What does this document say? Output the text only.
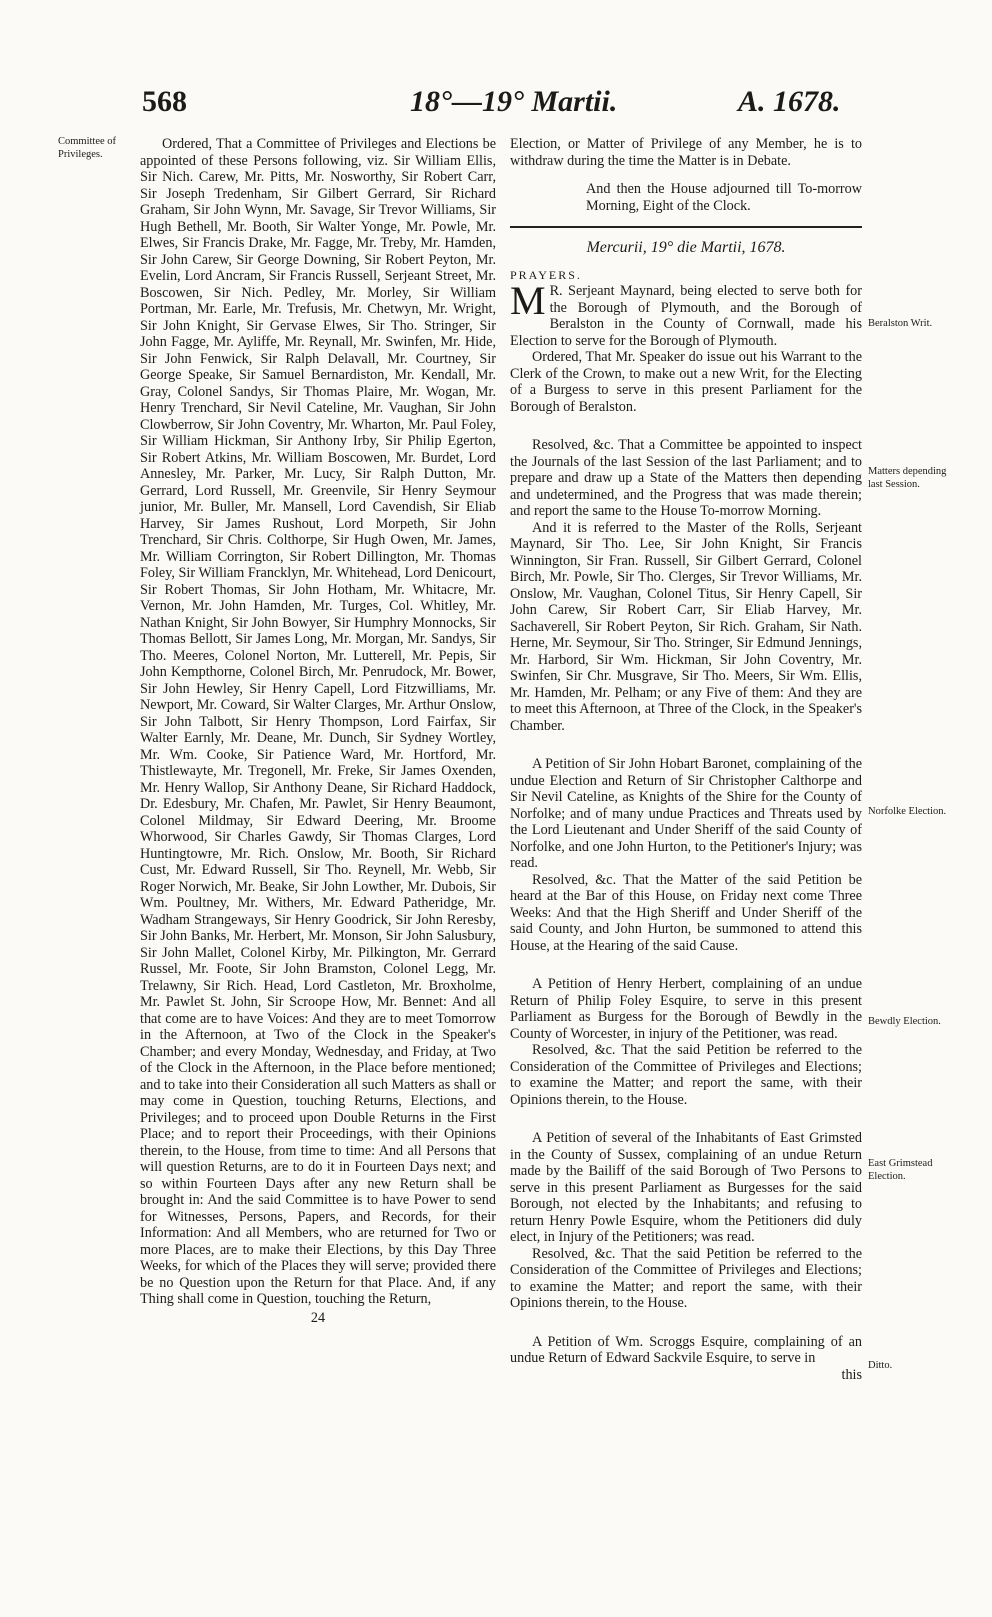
568	18°—19° Martii.	A. 1678.
Committee of Privileges.

Ordered, That a Committee of Privileges and Elections be appointed of these Persons following, viz. Sir William Ellis, Sir Nich. Carew, Mr. Pitts, Mr. Nosworthy, Sir Robert Carr, Sir Joseph Tredenham, Sir Gilbert Gerrard, Sir Richard Graham, Sir John Wynn, Mr. Savage, Sir Trevor Williams, Sir Hugh Bethell, Mr. Booth, Sir Walter Yonge, Mr. Powle, Mr. Elwes, Sir Francis Drake, Mr. Fagge, Mr. Treby, Mr. Hamden, Sir John Carew, Sir George Downing, Sir Robert Peyton, Mr. Evelin, Lord Ancram, Sir Francis Russell, Serjeant Street, Mr. Boscowen, Sir Nich. Pedley, Mr. Morley, Sir William Portman, Mr. Earle, Mr. Trefusis, Mr. Chetwyn, Mr. Wright, Sir John Knight, Sir Gervase Elwes, Sir Tho. Stringer, Sir John Fagge, Mr. Ayliffe, Mr. Reynall, Mr. Swinfen, Mr. Hide, Sir John Fenwick, Sir Ralph Delavall, Mr. Courtney, Sir George Speake, Sir Samuel Bernardiston, Mr. Kendall, Mr. Gray, Colonel Sandys, Sir Thomas Plaire, Mr. Wogan, Mr. Henry Trenchard, Sir Nevil Cateline, Mr. Vaughan, Sir John Clowberrow, Sir John Coventry, Mr. Wharton, Mr. Paul Foley, Sir William Hickman, Sir Anthony Irby, Sir Philip Egerton, Sir Robert Atkins, Mr. William Boscowen, Mr. Burdet, Lord Annesley, Mr. Parker, Mr. Lucy, Sir Ralph Dutton, Mr. Gerrard, Lord Russell, Mr. Greenvile, Sir Henry Seymour junior, Mr. Buller, Mr. Mansell, Lord Cavendish, Sir Eliab Harvey, Sir James Rushout, Lord Morpeth, Sir John Trenchard, Sir Chris. Colthorpe, Sir Hugh Owen, Mr. James, Mr. William Corrington, Sir Robert Dillington, Mr. Thomas Foley, Sir William Francklyn, Mr. Whitehead, Lord Denicourt, Sir Robert Thomas, Sir John Hotham, Mr. Whitacre, Mr. Vernon, Mr. John Hamden, Mr. Turges, Col. Whitley, Mr. Nathan Knight, Sir John Bowyer, Sir Humphry Monnocks, Sir Thomas Bellott, Sir James Long, Mr. Morgan, Mr. Sandys, Sir Tho. Meeres, Colonel Norton, Mr. Lutterell, Mr. Pepis, Sir John Kempthorne, Colonel Birch, Mr. Penrudock, Mr. Bower, Sir John Hewley, Sir Henry Capell, Lord Fitzwilliams, Mr. Newport, Mr. Coward, Sir Walter Clarges, Mr. Arthur Onslow, Sir John Talbott, Sir Henry Thompson, Lord Fairfax, Sir Walter Earnly, Mr. Deane, Mr. Dunch, Sir Sydney Wortley, Mr. Wm. Cooke, Sir Patience Ward, Mr. Hortford, Mr. Thistlewayte, Mr. Tregonell, Mr. Freke, Sir James Oxenden, Mr. Henry Wallop, Sir Anthony Deane, Sir Richard Haddock, Dr. Edesbury, Mr. Chafen, Mr. Pawlet, Sir Henry Beaumont, Colonel Mildmay, Sir Edward Deering, Mr. Broome Whorwood, Sir Charles Gawdy, Sir Thomas Clarges, Lord Huntingtowre, Mr. Rich. Onslow, Mr. Booth, Sir Richard Cust, Mr. Edward Russell, Sir Tho. Reynell, Mr. Webb, Sir Roger Norwich, Mr. Beake, Sir John Lowther, Mr. Dubois, Sir Wm. Poultney, Mr. Withers, Mr. Edward Patheridge, Mr. Wadham Strangeways, Sir Henry Goodrick, Sir John Reresby, Sir John Banks, Mr. Herbert, Mr. Monson, Sir John Salusbury, Sir John Mallet, Colonel Kirby, Mr. Pilkington, Mr. Gerrard Russel, Mr. Foote, Sir John Bramston, Colonel Legg, Mr. Trelawny, Sir Rich. Head, Lord Castleton, Mr. Broxholme, Mr. Pawlet St. John, Sir Scroope How, Mr. Bennet: And all that come are to have Voices: And they are to meet Tomorrow in the Afternoon, at Two of the Clock in the Speaker's Chamber; and every Monday, Wednesday, and Friday, at Two of the Clock in the Afternoon, in the Place before mentioned; and to take into their Consideration all such Matters as shall or may come in Question, touching Returns, Elections, and Privileges; and to proceed upon Double Returns in the First Place; and to report their Proceedings, with their Opinions therein, to the House, from time to time: And all Persons that will question Returns, are to do it in Fourteen Days next; and so within Fourteen Days after any new Return shall be brought in: And the said Committee is to have Power to send for Witnesses, Persons, Papers, and Records, for their Information: And all Members, who are returned for Two or more Places, are to make their Elections, by this Day Three Weeks, for which of the Places they will serve; provided there be no Question upon the Return for that Place. And, if any Thing shall come in Question, touching the Return,

24

Election, or Matter of Privilege of any Member, he is to withdraw during the time the Matter is in Debate.

And then the House adjourned till To-morrow Morning, Eight of the Clock.

Mercurii, 19° die Martii, 1678.
PRAYERS.

M R. Serjeant Maynard, being elected to serve both for the Borough of Plymouth, and the Borough of Beralston in the County of Cornwall, made his Election to serve for the Borough of Plymouth.

Ordered, That Mr. Speaker do issue out his Warrant to the Clerk of the Crown, to make out a new Writ, for the Electing of a Burgess to serve in this present Parliament for the Borough of Beralston.

Resolved, &c. That a Committee be appointed to inspect the Journals of the last Session of the last Parliament; and to prepare and draw up a State of the Matters then depending and undetermined, and the Progress that was made therein; and report the same to the House To-morrow Morning.

And it is referred to the Master of the Rolls, Serjeant Maynard, Sir Tho. Lee, Sir John Knight, Sir Francis Winnington, Sir Fran. Russell, Sir Gilbert Gerrard, Colonel Birch, Mr. Powle, Sir Tho. Clerges, Sir Trevor Williams, Mr. Onslow, Mr. Vaughan, Colonel Titus, Sir Henry Capell, Sir John Carew, Sir Robert Carr, Sir Eliab Harvey, Mr. Sachaverell, Sir Robert Peyton, Sir Rich. Graham, Sir Nath. Herne, Mr. Seymour, Sir Tho. Stringer, Sir Edmund Jennings, Mr. Harbord, Sir Wm. Hickman, Sir John Coventry, Mr. Swinfen, Sir Chr. Musgrave, Sir Tho. Meers, Sir Wm. Ellis, Mr. Hamden, Mr. Pelham; or any Five of them: And they are to meet this Afternoon, at Three of the Clock, in the Speaker's Chamber.

A Petition of Sir John Hobart Baronet, complaining of the undue Election and Return of Sir Christopher Calthorpe and Sir Nevil Cateline, as Knights of the Shire for the County of Norfolke; and of many undue Practices and Threats used by the Lord Lieutenant and Under Sheriff of the said County of Norfolke, and one John Hurton, to the Petitioner's Injury; was read.

Resolved, &c. That the Matter of the said Petition be heard at the Bar of this House, on Friday next come Three Weeks: And that the High Sheriff and Under Sheriff of the said County, and John Hurton, be summoned to attend this House, at the Hearing of the said Cause.

A Petition of Henry Herbert, complaining of an undue Return of Philip Foley Esquire, to serve in this present Parliament as Burgess for the Borough of Bewdly in the County of Worcester, in injury of the Petitioner, was read.

Resolved, &c. That the said Petition be referred to the Consideration of the Committee of Privileges and Elections; to examine the Matter; and report the same, with their Opinions therein, to the House.

A Petition of several of the Inhabitants of East Grimsted in the County of Sussex, complaining of an undue Return made by the Bailiff of the said Borough of Two Persons to serve in this present Parliament as Burgesses for the said Borough, not elected by the Inhabitants; and refusing to return Henry Powle Esquire, whom the Petitioners did duly elect, in Injury of the Petitioners; was read.

Resolved, &c. That the said Petition be referred to the Consideration of the Committee of Privileges and Elections; to examine the Matter; and report the same, with their Opinions therein, to the House.

A Petition of Wm. Scroggs Esquire, complaining of an undue Return of Edward Sackvile Esquire, to serve in

this
Beralston Writ.
Matters depending last Session.
Norfolke Election.
Bewdly Election.
East Grimstead Election.
Ditto.
